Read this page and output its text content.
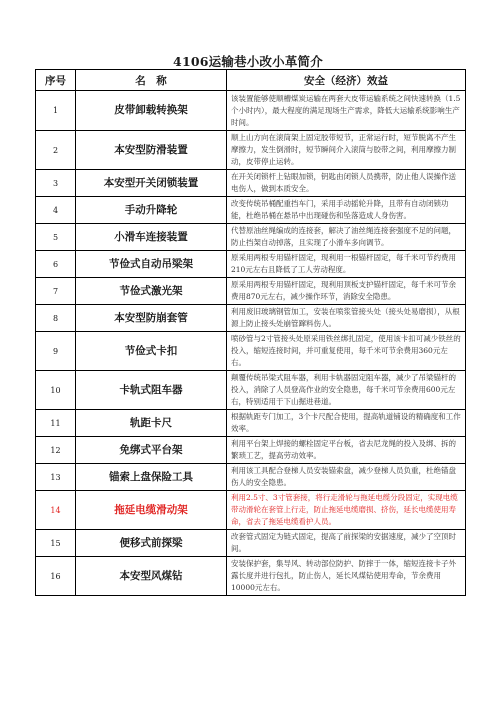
4106运输巷小改小革简介
序号	名　称	安全（经济）效益
1	皮带卸载转换架	该装置能够使顺槽煤炭运输在两套大皮带运输系统之间快速转换（1.5个小时内），最大程度的满足现场生产需求，降低大运输系统影响生产时间。
2	本安型防滑装置	顺上山方向在滚筒架上固定胶带短节，正常运行时，短节脱离不产生摩擦力，发生倒滑时，短节瞬间介入滚筒与胶带之间，利用摩擦力制动，皮带停止运转。
3	本安型开关闭锁装置	在开关闭锁杆上钻眼加锁，钥匙由闭锁人员携带，防止他人误操作送电伤人，做到本质安全。
4	手动升降轮	改变传统吊桶配重挡车门，采用手动摇轮升降，且带有自动闭锁功能，杜绝吊桶在悬吊中出现碰伤和坠落造成人身伤害。
5	小滑车连接装置	代替原油丝绳编成的连接套，解决了油丝绳连接套强度不足的问题，防止挡架自动掉落，且实现了小滑车多向调节。
6	节俭式自动吊梁架	原采用两根专用锚杆固定，现利用一根锚杆固定，每千米可节约费用210元左右且降低了工人劳动程度。
7	节俭式激光架	原采用两根专用锚杆固定，现利用顶板支护锚杆固定，每千米可节余费用870元左右，减少操作环节，消除安全隐患。
8	本安型防崩套管	利用废旧玻璃钢管加工，安装在喷浆管接头处（接头处易磨损），从根源上防止接头处崩管蹿料伤人。
9	节俭式卡扣	喷砂管与2寸管接头处原采用铁丝绑扎固定，使用该卡扣可减少铁丝的投入，缩短连接时间，并可重复使用，每千米可节余费用360元左右。
10	卡轨式阻车器	颠覆传统吊梁式阻车器，利用卡轨器固定阻车器，减少了吊梁锚杆的投入，消除了人员登高作业的安全隐患，每千米可节余费用600元左右，特别适用于下山掘进巷道。
11	轨距卡尺	根据轨距专门加工，3个卡尺配合使用，提高轨道铺设的精确度和工作效率。
12	免绑式平台架	利用平台架上焊接的螺栓固定平台板，省去尼龙绳的投入及绑、拆的繁琐工艺，提高劳动效率。
13	锚索上盘保险工具	利用该工具配合登梯人员安装锚索盘，减少登梯人员负重，杜绝锚盘伤人的安全隐患。
14	拖延电缆滑动架	利用2.5寸、3寸管套接，将行走滑轮与拖延电缆分段固定，实现电缆带动滑轮在套管上行走，防止拖延电缆磨损、挤伤，延长电缆使用寿命，省去了拖延电缆看护人员。
15	便移式前探梁	改套管式固定为链式固定，提高了前探梁的安据速度，减少了空顶时间。
16	本安型风煤钻	安装保护套，集导风、转动部位防护、防摔于一体，缩短连接卡子外露长度并进行包扎，防止伤人，延长风煤钻使用寿命，节余费用10000元左右。
